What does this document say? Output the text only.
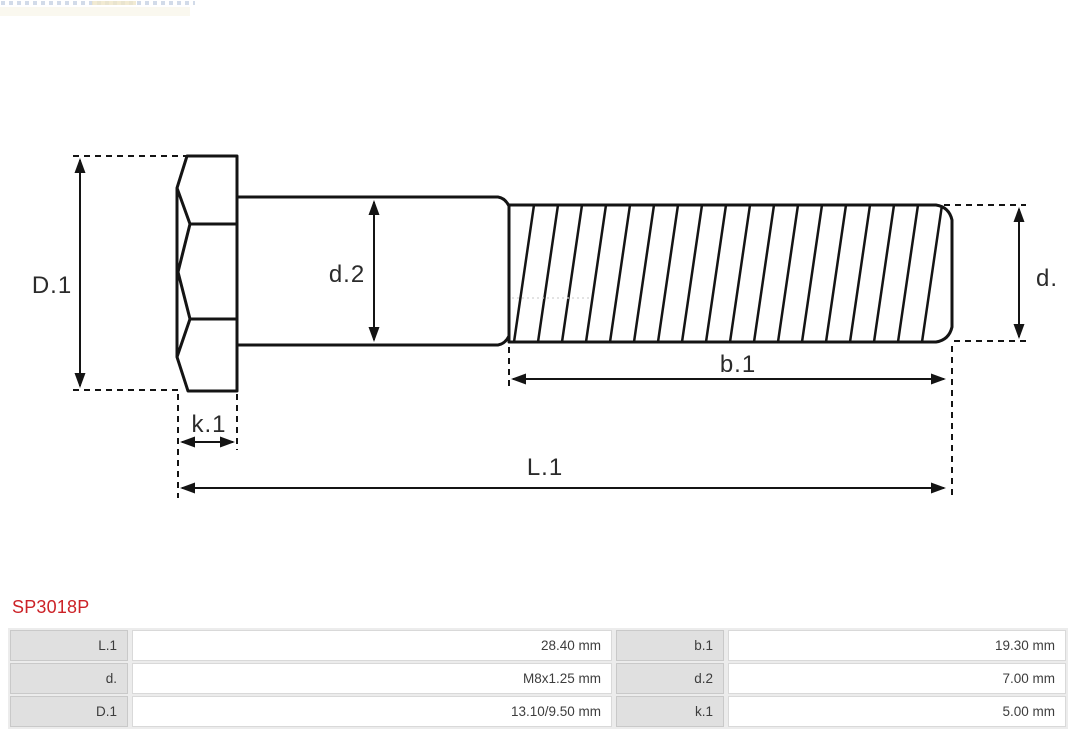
D.1	d.2	d.
b.1
k.1
L.1
SP3018P
L.1	28.40 mm	b.1	19.30 mm
d.	M8x1.25 mm	d.2	7.00 mm
D.1	13.10/9.50 mm	k.1	5.00 mm
